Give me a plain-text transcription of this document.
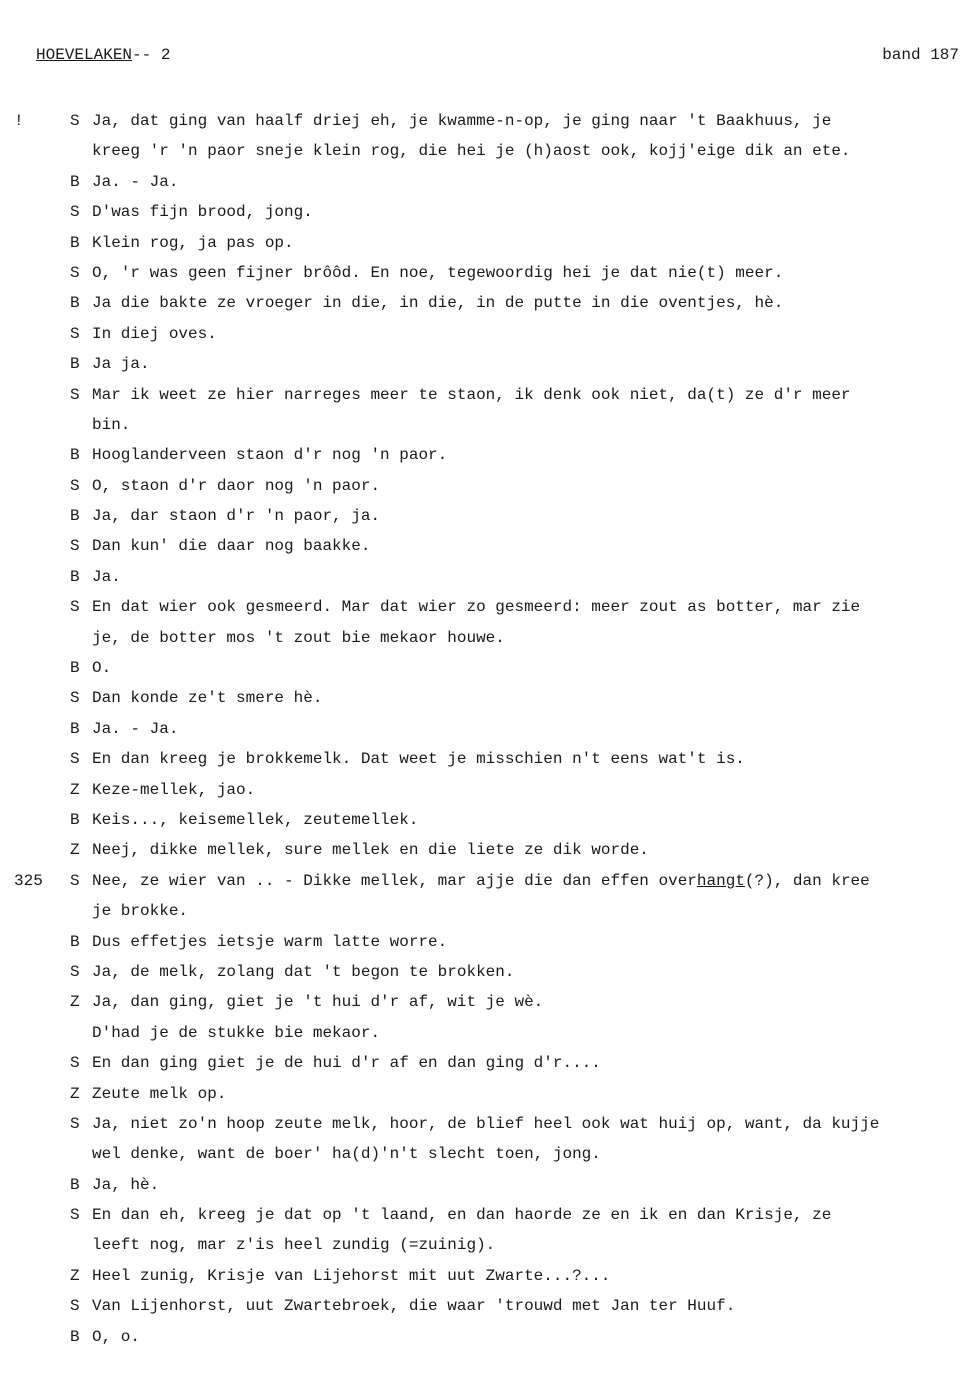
HOEVELAKEN-- 2	band 187
!	S Ja, dat ging van haalf driej eh, je kwamme-n-op, je ging naar 't Baakhuus, je
kreeg 'r 'n paor sneje klein rog, die hei je (h)aost ook, kojj'eige dik an ete.
B Ja. - Ja.
S D'was fijn brood, jong.
B Klein rog, ja pas op.
S O, 'r was geen fijner brôôd. En noe, tegewoordig hei je dat nie(t) meer.
B Ja die bakte ze vroeger in die, in die, in de putte in die oventjes, hè.
S In diej oves.
B Ja ja.
S Mar ik weet ze hier narreges meer te staon, ik denk ook niet, da(t) ze d'r meer
bin.
B Hooglanderveen staon d'r nog 'n paor.
S O, staon d'r daor nog 'n paor.
B Ja, dar staon d'r 'n paor, ja.
S Dan kun' die daar nog baakke.
B Ja.
S En dat wier ook gesmeerd. Mar dat wier zo gesmeerd: meer zout as botter, mar zie
je, de botter mos 't zout bie mekaor houwe.
B O.
S Dan konde ze't smere hè.
B Ja. - Ja.
S En dan kreeg je brokkemelk. Dat weet je misschien n't eens wat't is.
Z Keze-mellek, jao.
B Keis..., keisemellek, zeutemellek.
Z Neej, dikke mellek, sure mellek en die liete ze dik worde.
325	S Nee, ze wier van .. - Dikke mellek, mar ajje die dan effen overhangt(?), dan kree
je brokke.
B Dus effetjes ietsje warm latte worre.
S Ja, de melk, zolang dat 't begon te brokken.
Z Ja, dan ging, giet je 't hui d'r af, wit je wè.
D'had je de stukke bie mekaor.
S En dan ging giet je de hui d'r af en dan ging d'r....
Z Zeute melk op.
S Ja, niet zo'n hoop zeute melk, hoor, de blief heel ook wat huij op, want, da kujje
wel denke, want de boer' ha(d)'n't slecht toen, jong.
B Ja, hè.
S En dan eh, kreeg je dat op 't laand, en dan haorde ze en ik en dan Krisje, ze
leeft nog, mar z'is heel zundig (=zuinig).
Z Heel zunig, Krisje van Lijehorst mit uut Zwarte...?...
S Van Lijenhorst, uut Zwartebroek, die waar 'trouwd met Jan ter Huuf.
B O, o.
